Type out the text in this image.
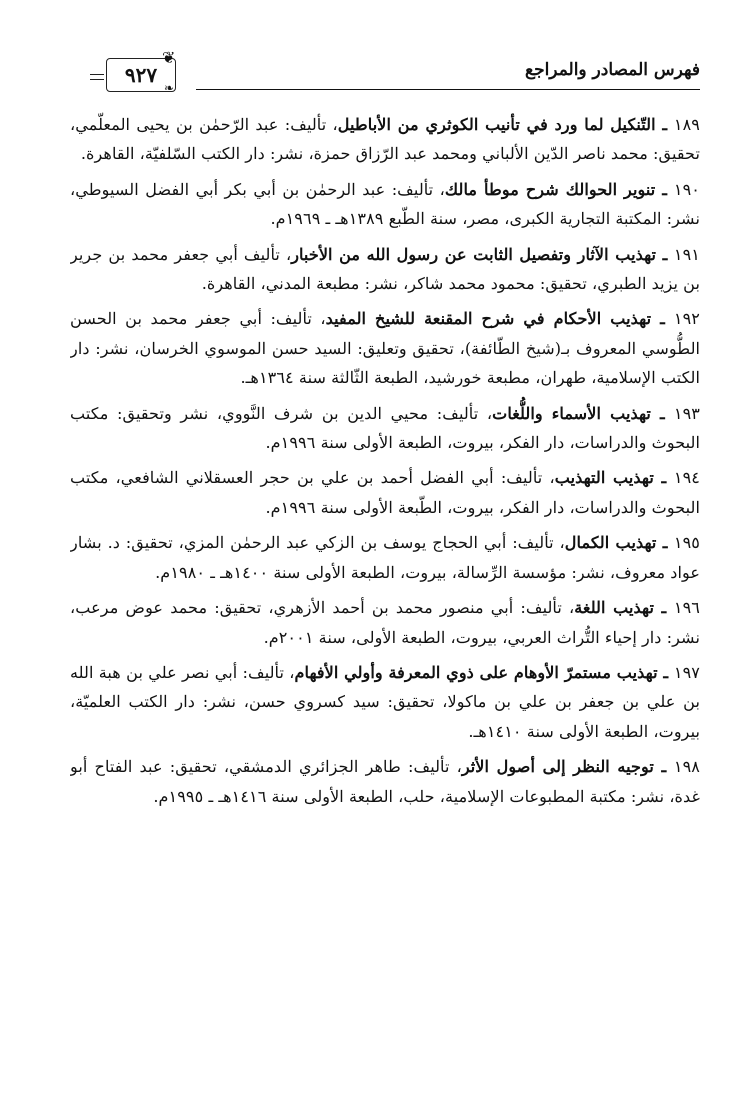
فهرس المصادر والمراجع
٩٢٧
❦
❧

١٨٩ ـ التّنكيل لما ورد في تأنيب الكوثري من الأباطيل، تأليف: عبد الرّحمٰن بن يحيى المعلّمي، تحقيق: محمد ناصر الدّين الألباني ومحمد عبد الرّزاق حمزة، نشر: دار الكتب السّلفيّة، القاهرة.

١٩٠ ـ تنوير الحوالك شرح موطأ مالك، تأليف: عبد الرحمٰن بن أبي بكر أبي الفضل السيوطي، نشر: المكتبة التجارية الكبرى، مصر، سنة الطّبع ١٣٨٩هـ ـ ١٩٦٩م.

١٩١ ـ تهذيب الآثار وتفصيل الثابت عن رسول الله من الأخبار، تأليف أبي جعفر محمد بن جرير بن يزيد الطبري، تحقيق: محمود محمد شاكر، نشر: مطبعة المدني، القاهرة.

١٩٢ ـ تهذيب الأحكام في شرح المقنعة للشيخ المفيد، تأليف: أبي جعفر محمد بن الحسن الطُّوسي المعروف بـ(شيخ الطّائفة)، تحقيق وتعليق: السيد حسن الموسوي الخرسان، نشر: دار الكتب الإسلامية، طهران، مطبعة خورشيد، الطبعة الثّالثة سنة ١٣٦٤هـ.

١٩٣ ـ تهذيب الأسماء واللُّغات، تأليف: محيي الدين بن شرف النَّووي، نشر وتحقيق: مكتب البحوث والدراسات، دار الفكر، بيروت، الطبعة الأولى سنة ١٩٩٦م.

١٩٤ ـ تهذيب التهذيب، تأليف: أبي الفضل أحمد بن علي بن حجر العسقلاني الشافعي، مكتب البحوث والدراسات، دار الفكر، بيروت، الطّبعة الأولى سنة ١٩٩٦م.

١٩٥ ـ تهذيب الكمال، تأليف: أبي الحجاج يوسف بن الزكي عبد الرحمٰن المزي، تحقيق: د. بشار عواد معروف، نشر: مؤسسة الرِّسالة، بيروت، الطبعة الأولى سنة ١٤٠٠هـ ـ ١٩٨٠م.

١٩٦ ـ تهذيب اللغة، تأليف: أبي منصور محمد بن أحمد الأزهري، تحقيق: محمد عوض مرعب، نشر: دار إحياء التُّراث العربي، بيروت، الطبعة الأولى، سنة ٢٠٠١م.

١٩٧ ـ تهذيب مستمرّ الأوهام على ذوي المعرفة وأولي الأفهام، تأليف: أبي نصر علي بن هبة الله بن علي بن جعفر بن علي بن ماكولا، تحقيق: سيد كسروي حسن، نشر: دار الكتب العلميّة، بيروت، الطبعة الأولى سنة ١٤١٠هـ.

١٩٨ ـ توجيه النظر إلى أصول الأثر، تأليف: طاهر الجزائري الدمشقي، تحقيق: عبد الفتاح أبو غدة، نشر: مكتبة المطبوعات الإسلامية، حلب، الطبعة الأولى سنة ١٤١٦هـ ـ ١٩٩٥م.
